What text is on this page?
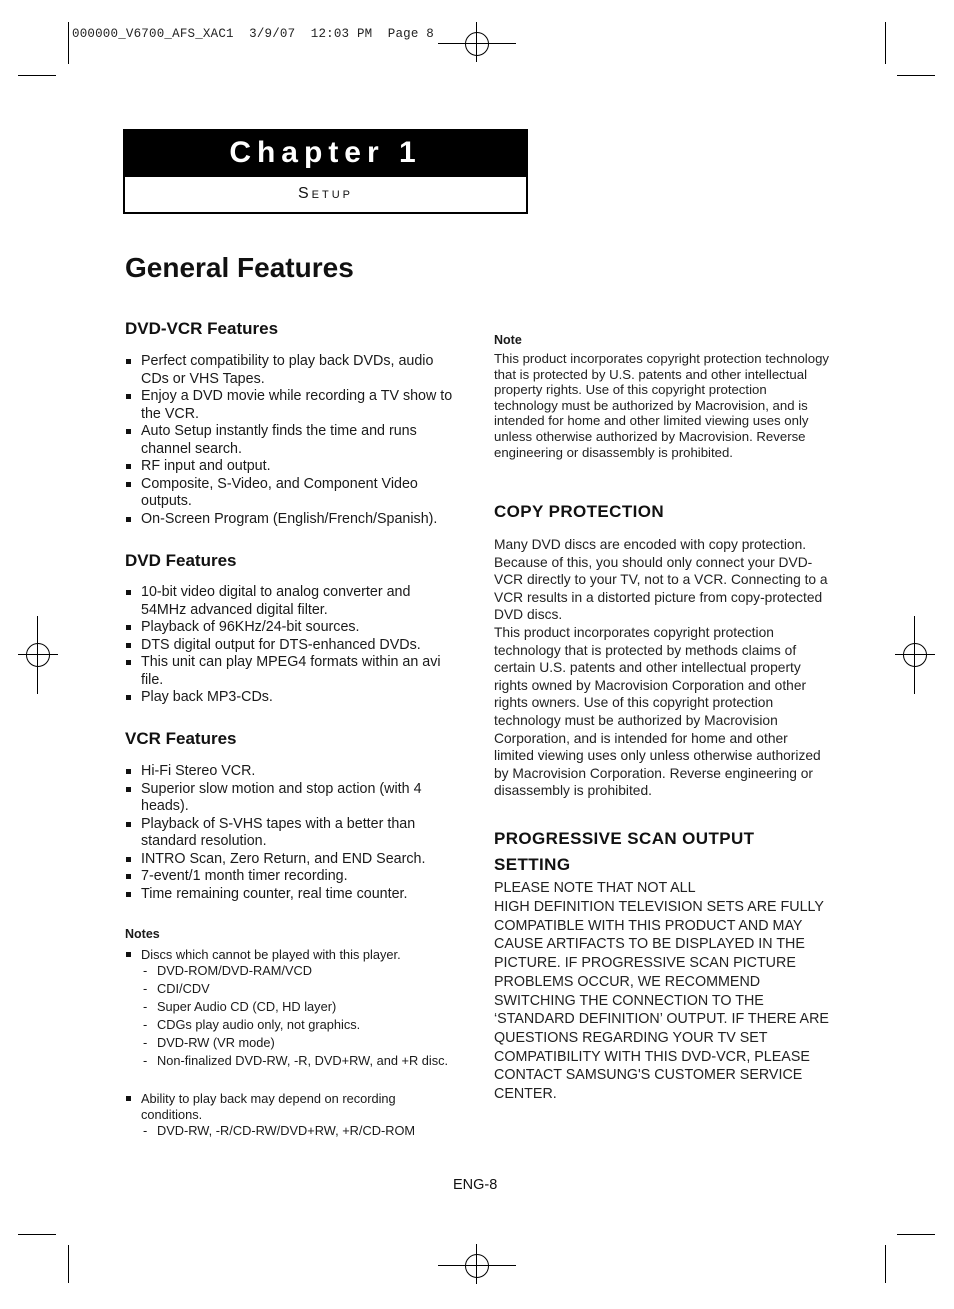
000000_V6700_AFS_XAC1  3/9/07  12:03 PM  Page 8
Chapter 1
Setup
General Features
DVD-VCR Features
Perfect compatibility to play back DVDs, audio CDs or VHS Tapes.
Enjoy a DVD movie while recording a TV show to the VCR.
Auto Setup instantly finds the time and runs channel search.
RF input and output.
Composite, S-Video, and Component Video outputs.
On-Screen Program (English/French/Spanish).
DVD Features
10-bit video digital to analog converter and 54MHz advanced digital filter.
Playback of 96KHz/24-bit sources.
DTS digital output for DTS-enhanced DVDs.
This unit can play MPEG4 formats within an avi file.
Play back MP3-CDs.
VCR Features
Hi-Fi Stereo VCR.
Superior slow motion and stop action (with 4 heads).
Playback of S-VHS tapes with a better than standard resolution.
INTRO Scan, Zero Return, and END Search.
7-event/1 month timer recording.
Time remaining counter, real time counter.
Notes
Discs which cannot be played with this player.
- DVD-ROM/DVD-RAM/VCD
- CDI/CDV
- Super Audio CD (CD, HD layer)
- CDGs play audio only, not graphics.
- DVD-RW (VR mode)
- Non-finalized DVD-RW, -R, DVD+RW, and +R disc.
Ability to play back may depend on recording conditions.
- DVD-RW, -R/CD-RW/DVD+RW, +R/CD-ROM
Note
This product incorporates copyright protection technology that is protected by U.S. patents and other intellectual property rights. Use of this copyright protection technology must be authorized by Macrovision, and is intended for home and other limited viewing uses only unless otherwise authorized by Macrovision. Reverse engineering or disassembly is prohibited.
COPY PROTECTION
Many DVD discs are encoded with copy protection. Because of this, you should only connect your DVD-VCR directly to your TV, not to a VCR. Connecting to a VCR results in a distorted picture from copy-protected DVD discs.
This product incorporates copyright protection technology that is protected by methods claims of certain U.S. patents and other intellectual property rights owned by Macrovision Corporation and other rights owners. Use of this copyright protection technology must be authorized by Macrovision Corporation, and is intended for home and other limited viewing uses only unless otherwise authorized by Macrovision Corporation. Reverse engineering or disassembly is prohibited.
PROGRESSIVE SCAN OUTPUT
SETTING
PLEASE NOTE THAT NOT ALL
HIGH DEFINITION TELEVISION SETS ARE FULLY COMPATIBLE WITH THIS PRODUCT AND MAY CAUSE ARTIFACTS TO BE DISPLAYED IN THE PICTURE. IF PROGRESSIVE SCAN PICTURE PROBLEMS OCCUR, WE RECOMMEND SWITCHING THE CONNECTION TO THE ‘STANDARD DEFINITION’ OUTPUT. IF THERE ARE QUESTIONS REGARDING YOUR TV SET COMPATIBILITY WITH THIS DVD-VCR, PLEASE CONTACT SAMSUNG'S CUSTOMER SERVICE CENTER.
ENG-8
